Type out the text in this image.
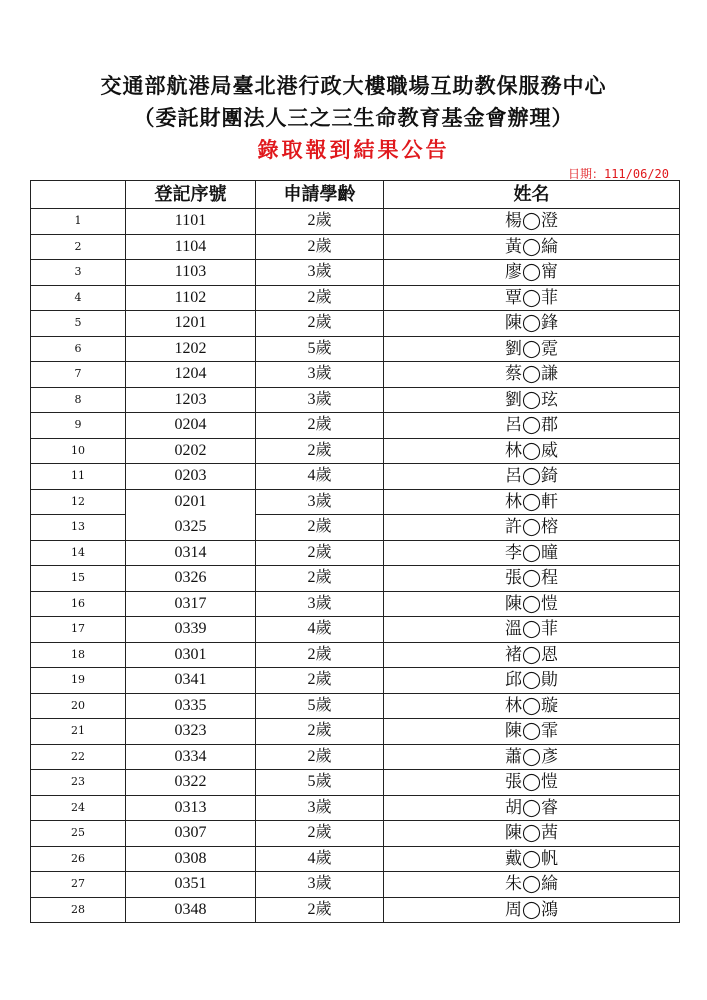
交通部航港局臺北港行政大樓職場互助教保服務中心
（委託財團法人三之三生命教育基金會辦理）
錄取報到結果公告
日期：111/06/20
	登記序號	申請學齡	姓名
1	1101	2歲	楊◯澄
2	1104	2歲	黃◯綸
3	1103	3歲	廖◯甯
4	1102	2歲	覃◯菲
5	1201	2歲	陳◯鋒
6	1202	5歲	劉◯霓
7	1204	3歲	蔡◯謙
8	1203	3歲	劉◯玹
9	0204	2歲	呂◯郡
10	0202	2歲	林◯威
11	0203	4歲	呂◯錡
12	0201	3歲	林◯軒
13	0325	2歲	許◯榕
14	0314	2歲	李◯曈
15	0326	2歲	張◯程
16	0317	3歲	陳◯愷
17	0339	4歲	溫◯菲
18	0301	2歲	褚◯恩
19	0341	2歲	邱◯勛
20	0335	5歲	林◯璇
21	0323	2歲	陳◯霏
22	0334	2歲	蕭◯彥
23	0322	5歲	張◯愷
24	0313	3歲	胡◯睿
25	0307	2歲	陳◯茜
26	0308	4歲	戴◯帆
27	0351	3歲	朱◯綸
28	0348	2歲	周◯鴻
